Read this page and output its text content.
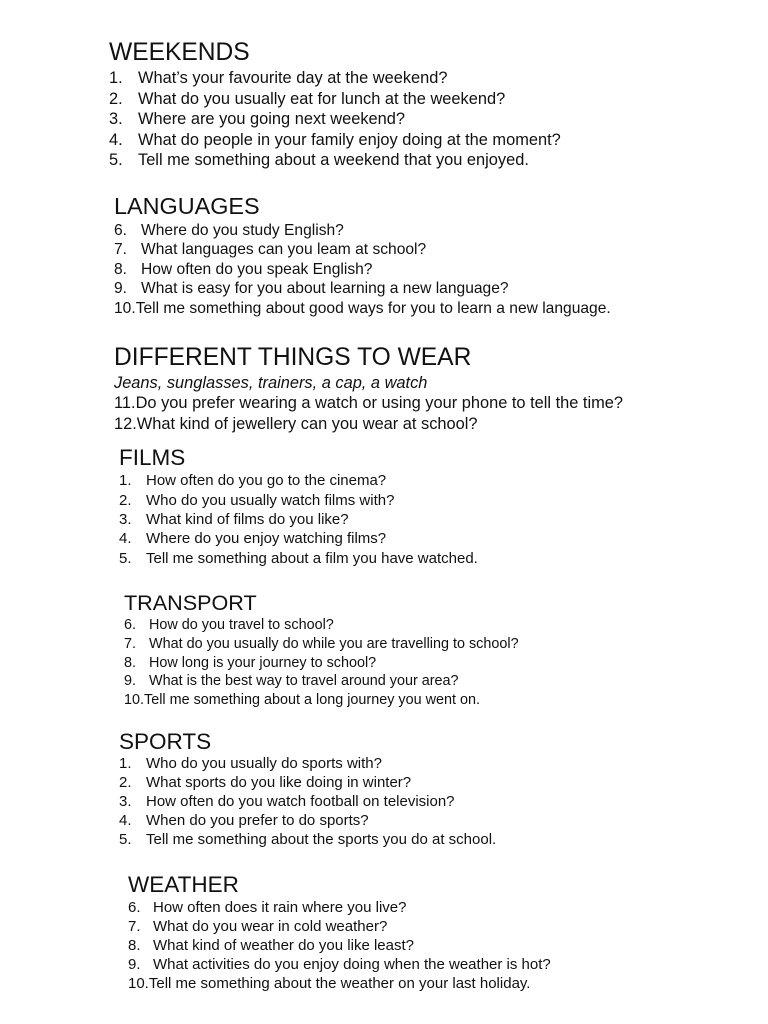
WEEKENDS
1. What’s your favourite day at the weekend?
2. What do you usually eat for lunch at the weekend?
3. Where are you going next weekend?
4. What do people in your family enjoy doing at the moment?
5. Tell me something about a weekend that you enjoyed.
LANGUAGES
6. Where do you study English?
7. What languages can you leam at school?
8. How often do you speak English?
9. What is easy for you about learning a new language?
10. Tell me something about good ways for you to learn a new language.
DIFFERENT THINGS TO WEAR

Jeans, sunglasses, trainers, a cap, a watch

11. Do you prefer wearing a watch or using your phone to tell the time?
12. What kind of jewellery can you wear at school?
FILMS
1. How often do you go to the cinema?
2. Who do you usually watch films with?
3. What kind of films do you like?
4. Where do you enjoy watching films?
5. Tell me something about a film you have watched.
TRANSPORT
6. How do you travel to school?
7. What do you usually do while you are travelling to school?
8. How long is your journey to school?
9. What is the best way to travel around your area?
10. Tell me something about a long journey you went on.
SPORTS
1. Who do you usually do sports with?
2. What sports do you like doing in winter?
3. How often do you watch football on television?
4. When do you prefer to do sports?
5. Tell me something about the sports you do at school.
WEATHER
6. How often does it rain where you live?
7. What do you wear in cold weather?
8. What kind of weather do you like least?
9. What activities do you enjoy doing when the weather is hot?
10. Tell me something about the weather on your last holiday.
